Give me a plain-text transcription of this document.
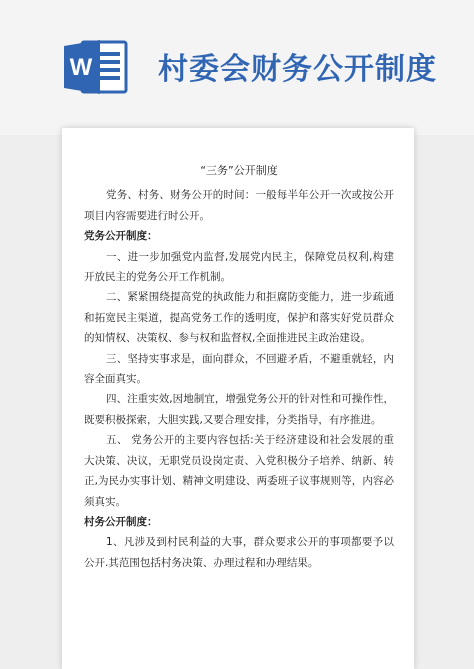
W 村委会财务公开制度
“三务”公开制度

党务、村务、财务公开的时间：一般每半年公开一次或按公开项目内容需要进行时公开。

党务公开制度：

一、进一步加强党内监督,发展党内民主，保障党员权利,构建开放民主的党务公开工作机制。

二、紧紧围绕提高党的执政能力和拒腐防变能力，进一步疏通和拓宽民主渠道，提高党务工作的透明度，保护和落实好党员群众的知情权、决策权、参与权和监督权,全面推进民主政治建设。

三、坚持实事求是，面向群众，不回避矛盾，不避重就轻，内容全面真实。

四、注重实效,因地制宜，增强党务公开的针对性和可操作性，既要积极探索，大胆实践,又要合理安排，分类指导，有序推进。

五、 党务公开的主要内容包括:关于经济建设和社会发展的重大决策、决议，无职党员设岗定责、入党积极分子培养、纳新、转正,为民办实事计划、精神文明建设、两委班子议事规则等，内容必须真实。

村务公开制度：

1、凡涉及到村民利益的大事，群众要求公开的事项都要予以公开.其范围包括村务决策、办理过程和办理结果。
